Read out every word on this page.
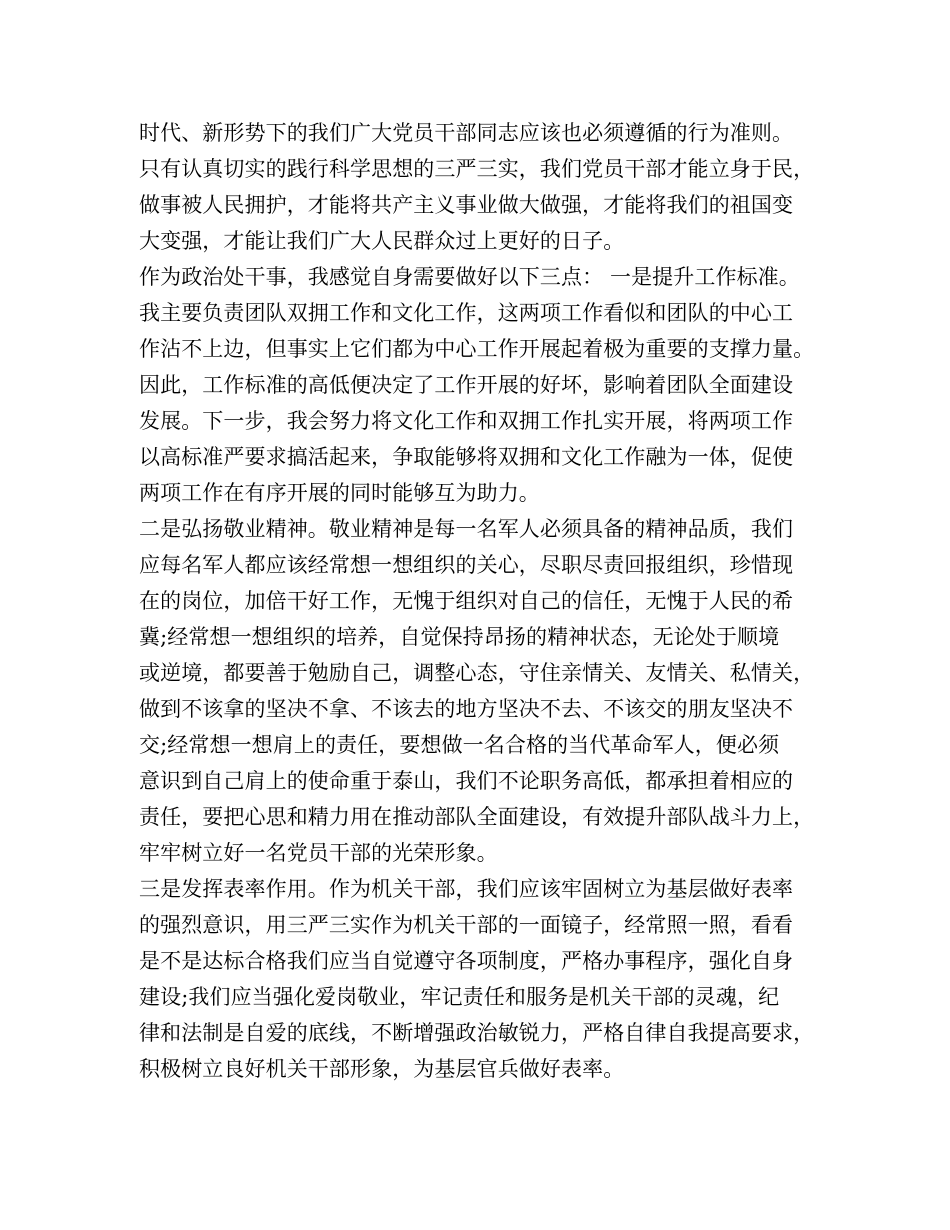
时代、新形势下的我们广大党员干部同志应该也必须遵循的行为准则。
只有认真切实的践行科学思想的三严三实，我们党员干部才能立身于民，
做事被人民拥护，才能将共产主义事业做大做强，才能将我们的祖国变
大变强，才能让我们广大人民群众过上更好的日子。
作为政治处干事，我感觉自身需要做好以下三点： 一是提升工作标准。
我主要负责团队双拥工作和文化工作，这两项工作看似和团队的中心工
作沾不上边，但事实上它们都为中心工作开展起着极为重要的支撑力量。
因此，工作标准的高低便决定了工作开展的好坏，影响着团队全面建设
发展。下一步，我会努力将文化工作和双拥工作扎实开展，将两项工作
以高标准严要求搞活起来，争取能够将双拥和文化工作融为一体，促使
两项工作在有序开展的同时能够互为助力。
二是弘扬敬业精神。敬业精神是每一名军人必须具备的精神品质，我们
应每名军人都应该经常想一想组织的关心，尽职尽责回报组织，珍惜现
在的岗位，加倍干好工作，无愧于组织对自己的信任，无愧于人民的希
冀;经常想一想组织的培养，自觉保持昂扬的精神状态，无论处于顺境
或逆境，都要善于勉励自己，调整心态，守住亲情关、友情关、私情关，
做到不该拿的坚决不拿、不该去的地方坚决不去、不该交的朋友坚决不
交;经常想一想肩上的责任，要想做一名合格的当代革命军人，便必须
意识到自己肩上的使命重于泰山，我们不论职务高低，都承担着相应的
责任，要把心思和精力用在推动部队全面建设，有效提升部队战斗力上，
牢牢树立好一名党员干部的光荣形象。
三是发挥表率作用。作为机关干部，我们应该牢固树立为基层做好表率
的强烈意识，用三严三实作为机关干部的一面镜子，经常照一照，看看
是不是达标合格我们应当自觉遵守各项制度，严格办事程序，强化自身
建设;我们应当强化爱岗敬业，牢记责任和服务是机关干部的灵魂，纪
律和法制是自爱的底线，不断增强政治敏锐力，严格自律自我提高要求，
积极树立良好机关干部形象，为基层官兵做好表率。
